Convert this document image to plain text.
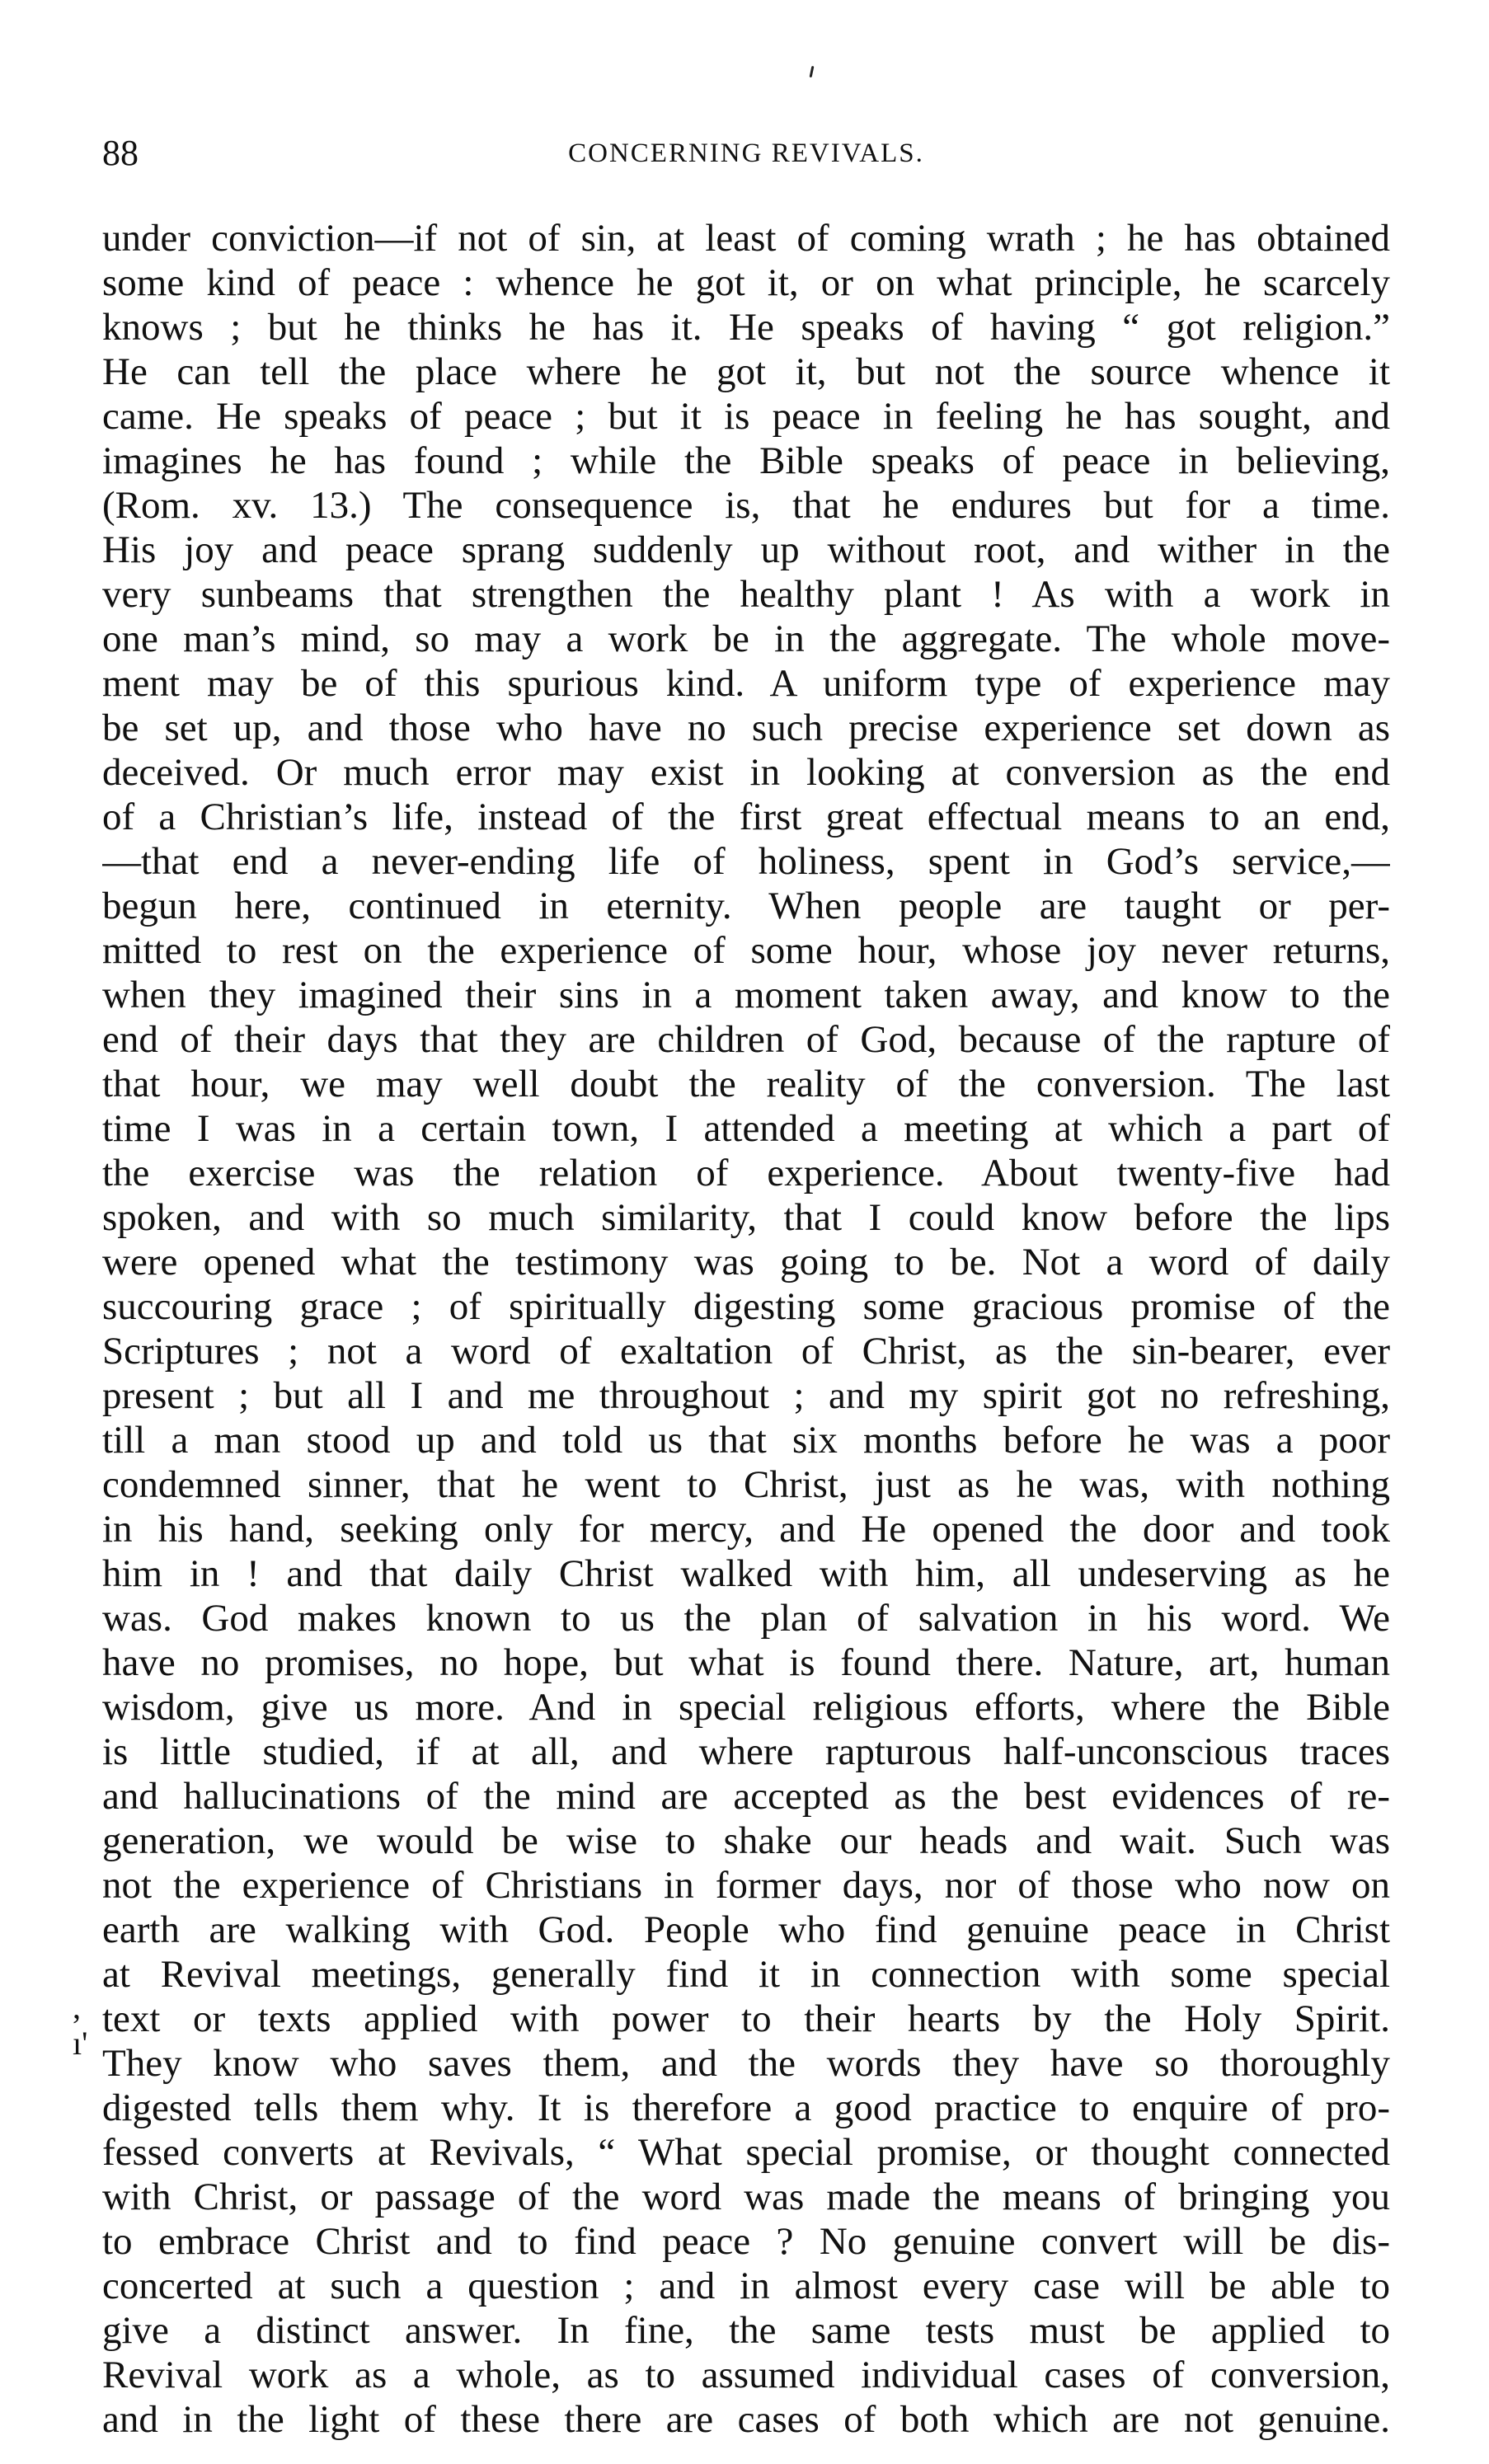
88	CONCERNING REVIVALS.
,
ı'
under conviction—if not of sin, at least of coming wrath ; he has obtained
some kind of peace : whence he got it, or on what principle, he scarcely
knows ; but he thinks he has it. He speaks of having “ got religion.”
He can tell the place where he got it, but not the source whence it
came. He speaks of peace ; but it is peace in feeling he has sought, and
imagines he has found ; while the Bible speaks of peace in believing,
(Rom. xv. 13.) The consequence is, that he endures but for a time.
His joy and peace sprang suddenly up without root, and wither in the
very sunbeams that strengthen the healthy plant ! As with a work in
one man’s mind, so may a work be in the aggregate. The whole move-
ment may be of this spurious kind. A uniform type of experience may
be set up, and those who have no such precise experience set down as
deceived. Or much error may exist in looking at conversion as the end
of a Christian’s life, instead of the first great effectual means to an end,
—that end a never-ending life of holiness, spent in God’s service,—
begun here, continued in eternity. When people are taught or per-
mitted to rest on the experience of some hour, whose joy never returns,
when they imagined their sins in a moment taken away, and know to the
end of their days that they are children of God, because of the rapture of
that hour, we may well doubt the reality of the conversion. The last
time I was in a certain town, I attended a meeting at which a part of
the exercise was the relation of experience. About twenty-five had
spoken, and with so much similarity, that I could know before the lips
were opened what the testimony was going to be. Not a word of daily
succouring grace ; of spiritually digesting some gracious promise of the
Scriptures ; not a word of exaltation of Christ, as the sin-bearer, ever
present ; but all I and me throughout ; and my spirit got no refreshing,
till a man stood up and told us that six months before he was a poor
condemned sinner, that he went to Christ, just as he was, with nothing
in his hand, seeking only for mercy, and He opened the door and took
him in ! and that daily Christ walked with him, all undeserving as he
was. God makes known to us the plan of salvation in his word. We
have no promises, no hope, but what is found there. Nature, art, human
wisdom, give us more. And in special religious efforts, where the Bible
is little studied, if at all, and where rapturous half-unconscious traces
and hallucinations of the mind are accepted as the best evidences of re-
generation, we would be wise to shake our heads and wait. Such was
not the experience of Christians in former days, nor of those who now on
earth are walking with God. People who find genuine peace in Christ
at Revival meetings, generally find it in connection with some special
text or texts applied with power to their hearts by the Holy Spirit.
They know who saves them, and the words they have so thoroughly
digested tells them why. It is therefore a good practice to enquire of pro-
fessed converts at Revivals, “ What special promise, or thought connected
with Christ, or passage of the word was made the means of bringing you
to embrace Christ and to find peace ? No genuine convert will be dis-
concerted at such a question ; and in almost every case will be able to
give a distinct answer. In fine, the same tests must be applied to
Revival work as a whole, as to assumed individual cases of conversion,
and in the light of these there are cases of both which are not genuine.
